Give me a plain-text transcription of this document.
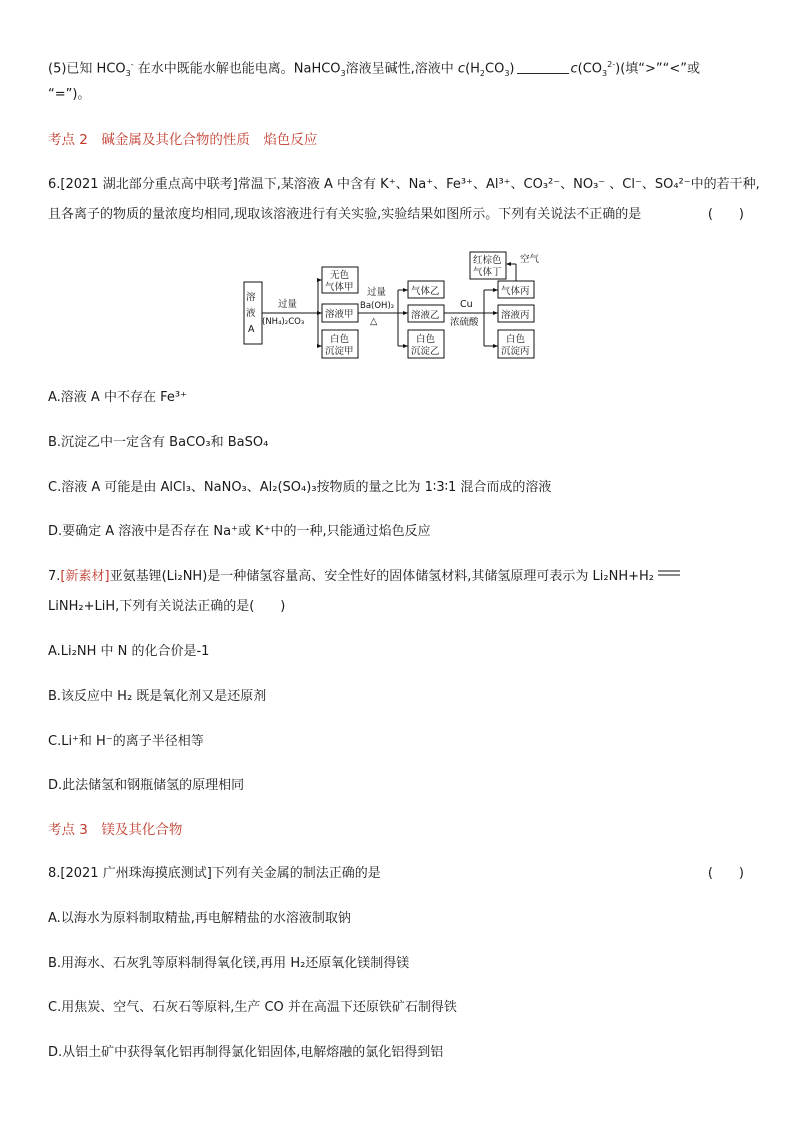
(5)已知 $HCO_3^-$ 在水中既能水解也能电离。NaHCO$_3$溶液呈碱性,溶液中 $c(H_2CO_3)$	$c(CO_3^{2-})$(填“>”“<”或
“=”)。
考点 2　碱金属及其化合物的性质　焰色反应
6.[2021 湖北部分重点高中联考]常温下,某溶液 A 中含有 K⁺、Na⁺、Fe³⁺、Al³⁺、CO₃²⁻、NO₃⁻ 、Cl⁻、SO₄²⁻中的若干种,
且各离子的物质的量浓度均相同,现取该溶液进行有关实验,实验结果如图所示。下列有关说法不正确的是	(　　)
溶
液
A
过量
(NH₄)₂CO₃
无色
气体甲
溶液甲
白色
沉淀甲
过量
Ba(OH)₂
△
气体乙
溶液乙
白色
沉淀乙
Cu
浓硫酸
红棕色
气体丁
空气
气体丙
溶液丙
白色
沉淀丙
A.溶液 A 中不存在 Fe³⁺
B.沉淀乙中一定含有 BaCO₃和 BaSO₄
C.溶液 A 可能是由 AlCl₃、NaNO₃、Al₂(SO₄)₃按物质的量之比为 1∶3∶1 混合而成的溶液
D.要确定 A 溶液中是否存在 Na⁺或 K⁺中的一种,只能通过焰色反应
7.[新素材]亚氨基锂(Li₂NH)是一种储氢容量高、安全性好的固体储氢材料,其储氢原理可表示为 Li₂NH+H₂
LiNH₂+LiH,下列有关说法正确的是(　　)
A.Li₂NH 中 N 的化合价是-1
B.该反应中 H₂ 既是氧化剂又是还原剂
C.Li⁺和 H⁻的离子半径相等
D.此法储氢和钢瓶储氢的原理相同
考点 3　镁及其化合物
8.[2021 广州珠海摸底测试]下列有关金属的制法正确的是	(　　)
A.以海水为原料制取精盐,再电解精盐的水溶液制取钠
B.用海水、石灰乳等原料制得氧化镁,再用 H₂还原氧化镁制得镁
C.用焦炭、空气、石灰石等原料,生产 CO 并在高温下还原铁矿石制得铁
D.从铝土矿中获得氧化铝再制得氯化铝固体,电解熔融的氯化铝得到铝
